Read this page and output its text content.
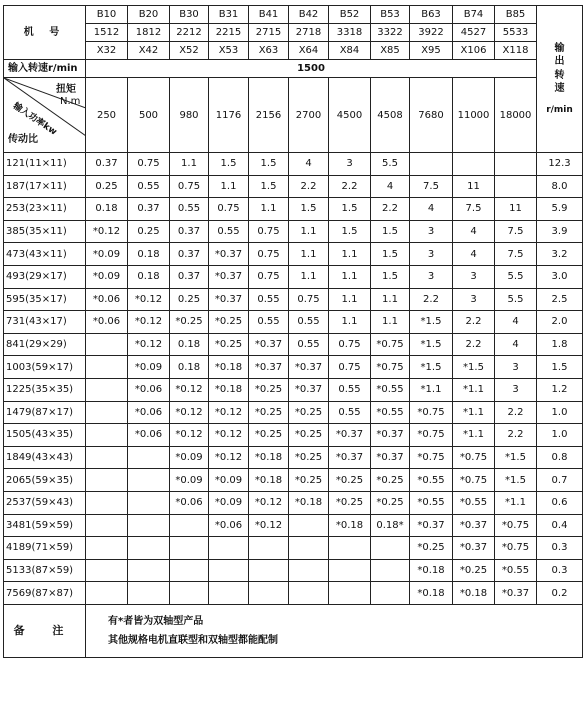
机 号	B10	B20	B30	B31	B41	B42	B52	B53	B63	B74	B85	输出转速
r/min

	1512	1812	2212	2215	2715	2718	3318	3322	3922	4527	5533	
	X32	X42	X52	X53	X63	X64	X84	X85	X95	X106	X118	
输入转速r/min	1500											

扭矩
N.m
输入功率kw
传动比	250	500	980	1176	2156	2700	4500	4508	7680	11000	18000	
121(11×11)	0.37	0.75	1.1	1.5	1.5	4	3	5.5				12.3
187(17×11)	0.25	0.55	0.75	1.1	1.5	2.2	2.2	4	7.5	11		8.0
253(23×11)	0.18	0.37	0.55	0.75	1.1	1.5	1.5	2.2	4	7.5	11	5.9
385(35×11)	*0.12	0.25	0.37	0.55	0.75	1.1	1.5	1.5	3	4	7.5	3.9
473(43×11)	*0.09	0.18	0.37	*0.37	0.75	1.1	1.1	1.5	3	4	7.5	3.2
493(29×17)	*0.09	0.18	0.37	*0.37	0.75	1.1	1.1	1.5	3	3	5.5	3.0
595(35×17)	*0.06	*0.12	0.25	*0.37	0.55	0.75	1.1	1.1	2.2	3	5.5	2.5
731(43×17)	*0.06	*0.12	*0.25	*0.25	0.55	0.55	1.1	1.1	*1.5	2.2	4	2.0
841(29×29)		*0.12	0.18	*0.25	*0.37	0.55	0.75	*0.75	*1.5	2.2	4	1.8
1003(59×17)		*0.09	0.18	*0.18	*0.37	*0.37	0.75	*0.75	*1.5	*1.5	3	1.5
1225(35×35)		*0.06	*0.12	*0.18	*0.25	*0.37	0.55	*0.55	*1.1	*1.1	3	1.2
1479(87×17)		*0.06	*0.12	*0.12	*0.25	*0.25	0.55	*0.55	*0.75	*1.1	2.2	1.0
1505(43×35)		*0.06	*0.12	*0.12	*0.25	*0.25	*0.37	*0.37	*0.75	*1.1	2.2	1.0
1849(43×43)			*0.09	*0.12	*0.18	*0.25	*0.37	*0.37	*0.75	*0.75	*1.5	0.8
2065(59×35)			*0.09	*0.09	*0.18	*0.25	*0.25	*0.25	*0.55	*0.75	*1.5	0.7
2537(59×43)			*0.06	*0.09	*0.12	*0.18	*0.25	*0.25	*0.55	*0.55	*1.1	0.6
3481(59×59)				*0.06	*0.12		*0.18	0.18*	*0.37	*0.37	*0.75	0.4
4189(71×59)									*0.25	*0.37	*0.75	0.3
5133(87×59)									*0.18	*0.25	*0.55	0.3
7569(87×87)									*0.18	*0.18	*0.37	0.2
备 注	有*者皆为双轴型产品
其他规格电机直联型和双轴型都能配制											
